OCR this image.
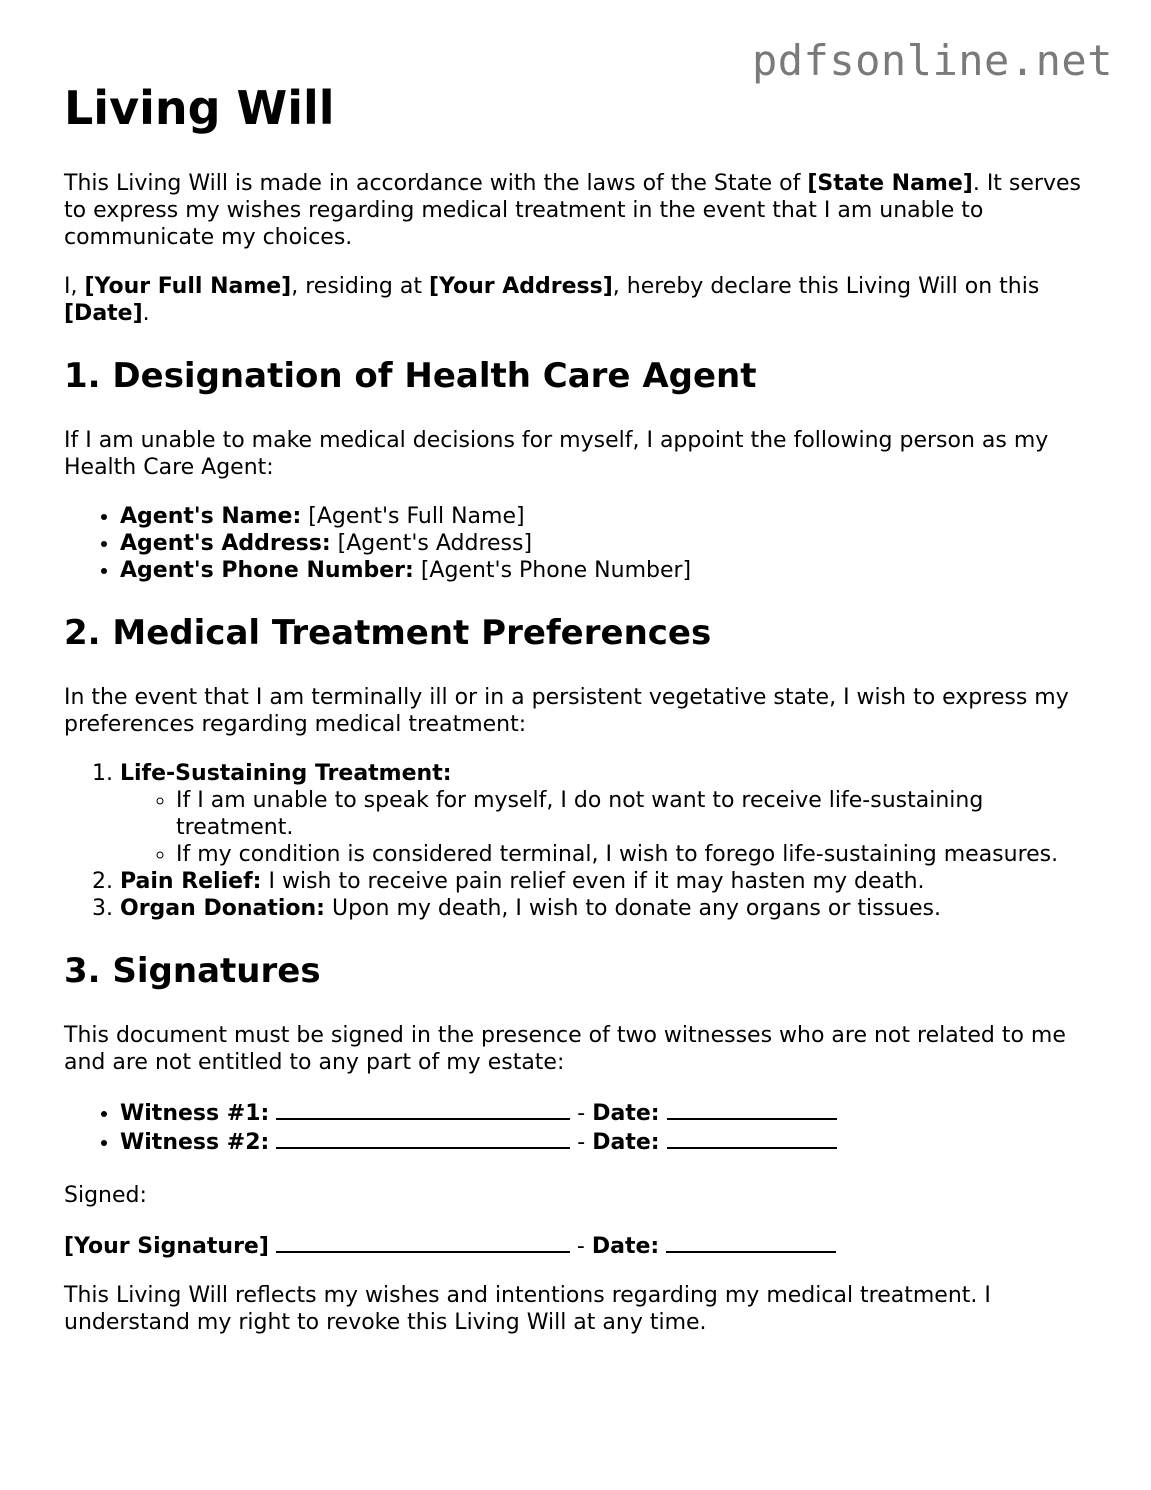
pdfsonline.net
Living Will

This Living Will is made in accordance with the laws of the State of [State Name]. It serves to express my wishes regarding medical treatment in the event that I am unable to communicate my choices.

I, [Your Full Name], residing at [Your Address], hereby declare this Living Will on this [Date].

1. Designation of Health Care Agent

If I am unable to make medical decisions for myself, I appoint the following person as my Health Care Agent:

• Agent's Name: [Agent's Full Name]
• Agent's Address: [Agent's Address]
• Agent's Phone Number: [Agent's Phone Number]
2. Medical Treatment Preferences

In the event that I am terminally ill or in a persistent vegetative state, I wish to express my preferences regarding medical treatment:

1. Life-Sustaining Treatment:
◦ If I am unable to speak for myself, I do not want to receive life-sustaining treatment.
◦ If my condition is considered terminal, I wish to forego life-sustaining measures.
2. Pain Relief: I wish to receive pain relief even if it may hasten my death.
3. Organ Donation: Upon my death, I wish to donate any organs or tissues.
3. Signatures

This document must be signed in the presence of two witnesses who are not related to me and are not entitled to any part of my estate:

• Witness #1:	- Date:
• Witness #2:	- Date:

Signed:

[Your Signature]	- Date:

This Living Will reflects my wishes and intentions regarding my medical treatment. I understand my right to revoke this Living Will at any time.
